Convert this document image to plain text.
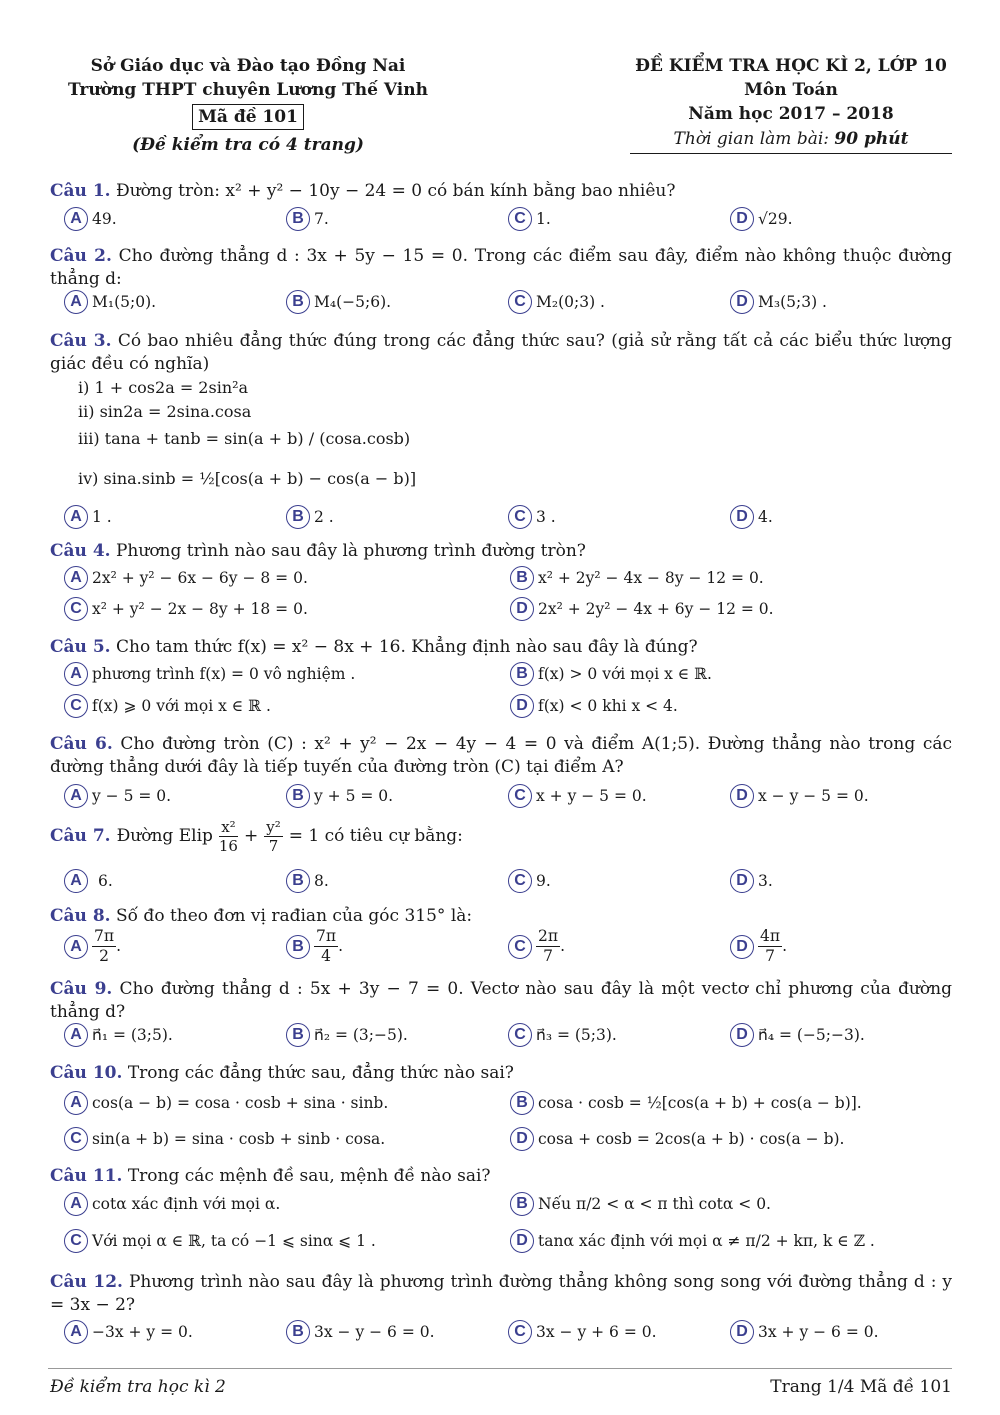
Sở Giáo dục và Đào tạo Đồng Nai
Trường THPT chuyên Lương Thế Vinh
Mã đề 101
(Đề kiểm tra có 4 trang)
ĐỀ KIỂM TRA HỌC KÌ 2, LỚP 10
Môn Toán
Năm học 2017 – 2018
Thời gian làm bài: 90 phút
Câu 1. Đường tròn: x² + y² − 10y − 24 = 0 có bán kính bằng bao nhiêu?
A 49.	B 7.	C 1.	D √29.
Câu 2. Cho đường thẳng d : 3x + 5y − 15 = 0. Trong các điểm sau đây, điểm nào không thuộc đường thẳng d:
A M₁(5;0).	B M₄(−5;6).	C M₂(0;3) .	D M₃(5;3) .
Câu 3. Có bao nhiêu đẳng thức đúng trong các đẳng thức sau? (giả sử rằng tất cả các biểu thức lượng giác đều có nghĩa)
i) 1 + cos2a = 2sin²a
ii) sin2a = 2sina.cosa
iii) tana + tanb = sin(a + b) / (cosa.cosb)
iv) sina.sinb = ½[cos(a + b) − cos(a − b)]
A 1 .	B 2 .	C 3 .	D 4.
Câu 4. Phương trình nào sau đây là phương trình đường tròn?
A 2x² + y² − 6x − 6y − 8 = 0.	B x² + 2y² − 4x − 8y − 12 = 0.
C x² + y² − 2x − 8y + 18 = 0.	D 2x² + 2y² − 4x + 6y − 12 = 0.
Câu 5. Cho tam thức f(x) = x² − 8x + 16. Khẳng định nào sau đây là đúng?
A phương trình f(x) = 0 vô nghiệm .	B f(x) > 0 với mọi x ∈ ℝ.
C f(x) ⩾ 0 với mọi x ∈ ℝ .	D f(x) < 0 khi x < 4.
Câu 6. Cho đường tròn (C) : x² + y² − 2x − 4y − 4 = 0 và điểm A(1;5). Đường thẳng nào trong các đường thẳng dưới đây là tiếp tuyến của đường tròn (C) tại điểm A?
A y − 5 = 0.	B y + 5 = 0.	C x + y − 5 = 0.	D x − y − 5 = 0.
Câu 7. Đường Elip x²
$16 + \frac{\text{y²}}{7} = 1$ có tiêu cự bằng:
A	6.	B 8.	C 9.	D 3.
Câu 8. Số đo theo đơn vị rađian của góc 315° là:
A
7π
2
.	B
7π
4
.	C
2π
7
.	D
4π
7
.
Câu 9. Cho đường thẳng d : 5x + 3y − 7 = 0. Vectơ nào sau đây là một vectơ chỉ phương của đường thẳng d?
A n⃗₁ = (3;5).	B n⃗₂ = (3;−5).	C n⃗₃ = (5;3).	D n⃗₄ = (−5;−3).
Câu 10. Trong các đẳng thức sau, đẳng thức nào sai?
A cos(a − b) = cosa · cosb + sina · sinb.	B cosa · cosb = ½[cos(a + b) + cos(a − b)].
C sin(a + b) = sina · cosb + sinb · cosa.	D cosa + cosb = 2cos(a + b) · cos(a − b).
Câu 11. Trong các mệnh đề sau, mệnh đề nào sai?
A cotα xác định với mọi α.	B Nếu π/2 < α < π thì cotα < 0.
C Với mọi α ∈ ℝ, ta có −1 ⩽ sinα ⩽ 1 .	D tanα xác định với mọi α ≠ π/2 + kπ, k ∈ ℤ .
Câu 12. Phương trình nào sau đây là phương trình đường thẳng không song song với đường thẳng d : y = 3x − 2?
A −3x + y = 0.	B 3x − y − 6 = 0.	C 3x − y + 6 = 0.	D 3x + y − 6 = 0.
Đề kiểm tra học kì 2	Trang 1/4 Mã đề 101
